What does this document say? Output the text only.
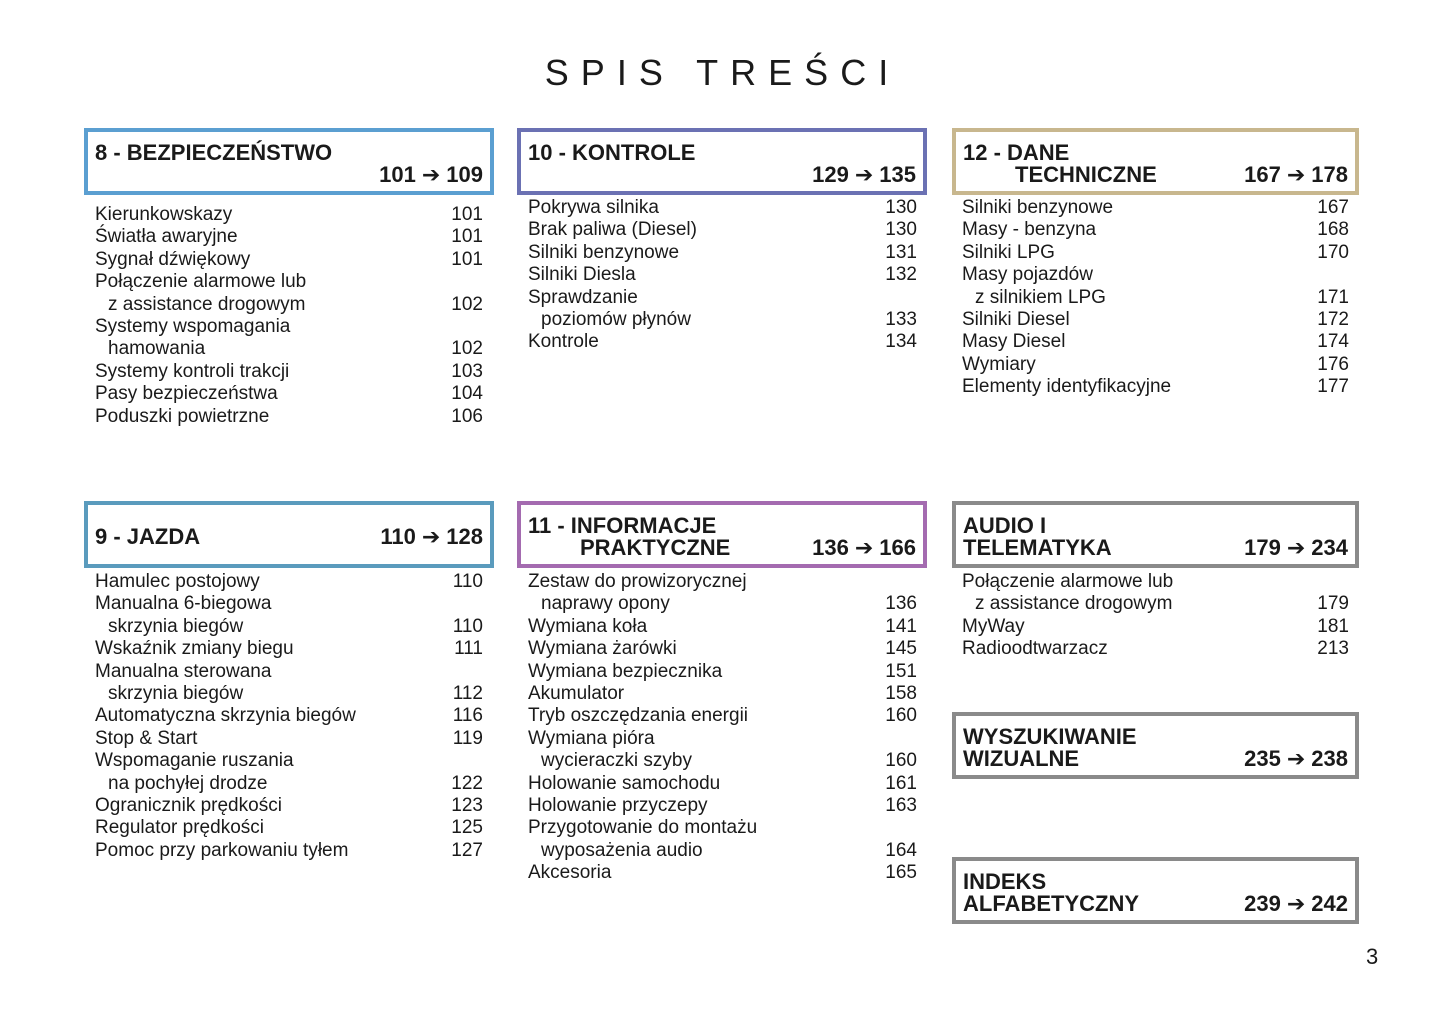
SPIS TREŚCI
8 - BEZPIECZEŃSTWO
101 ➔ 109
Kierunkowskazy	101
Światła awaryjne	101
Sygnał dźwiękowy	101
Połączenie alarmowe lub
z assistance drogowym	102
Systemy wspomagania
hamowania	102
Systemy kontroli trakcji	103
Pasy bezpieczeństwa	104
Poduszki powietrzne	106
10 - KONTROLE
129 ➔ 135
Pokrywa silnika	130
Brak paliwa (Diesel)	130
Silniki benzynowe	131
Silniki Diesla	132
Sprawdzanie
poziomów płynów	133
Kontrole	134
12 - DANE
TECHNICZNE	167 ➔ 178
Silniki benzynowe	167
Masy - benzyna	168
Silniki LPG	170
Masy pojazdów
z silnikiem LPG	171
Silniki Diesel	172
Masy Diesel	174
Wymiary	176
Elementy identyfikacyjne	177
9 - JAZDA	110 ➔ 128
Hamulec postojowy	110
Manualna 6-biegowa
skrzynia biegów	110
Wskaźnik zmiany biegu	111
Manualna sterowana
skrzynia biegów	112
Automatyczna skrzynia biegów	116
Stop & Start	119
Wspomaganie ruszania
na pochyłej drodze	122
Ogranicznik prędkości	123
Regulator prędkości	125
Pomoc przy parkowaniu tyłem	127
11 - INFORMACJE
PRAKTYCZNE	136 ➔ 166
Zestaw do prowizorycznej
naprawy opony	136
Wymiana koła	141
Wymiana żarówki	145
Wymiana bezpiecznika	151
Akumulator	158
Tryb oszczędzania energii	160
Wymiana pióra
wycieraczki szyby	160
Holowanie samochodu	161
Holowanie przyczepy	163
Przygotowanie do montażu
wyposażenia audio	164
Akcesoria	165
AUDIO I
TELEMATYKA	179 ➔ 234
Połączenie alarmowe lub
z assistance drogowym	179
MyWay	181
Radioodtwarzacz	213
WYSZUKIWANIE
WIZUALNE	235 ➔ 238
INDEKS
ALFABETYCZNY	239 ➔ 242
3
